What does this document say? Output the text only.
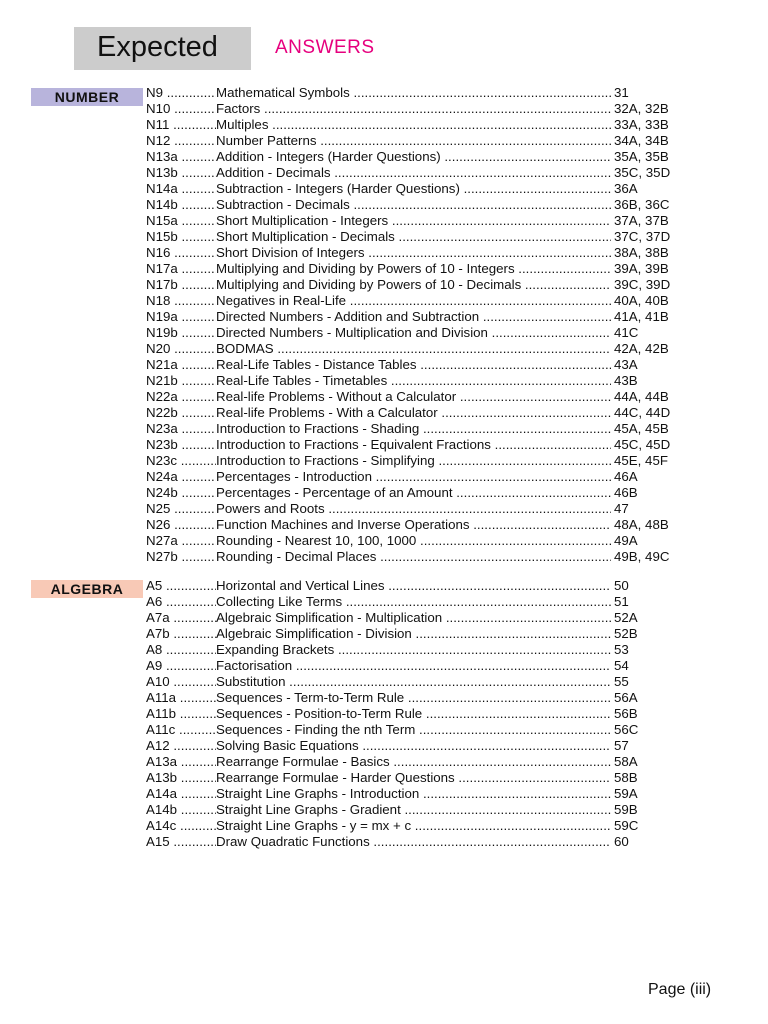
Expected	ANSWERS
NUMBER	N9 .....	Mathematical Symbols .....	31
N10 .....	Factors .....	32A, 32B
N11 .....	Multiples .....	33A, 33B
N12 .....	Number Patterns .....	34A, 34B
N13a .....	Addition - Integers (Harder Questions) .....	35A, 35B
N13b .....	Addition - Decimals .....	35C, 35D
N14a .....	Subtraction - Integers (Harder Questions) .....	36A
N14b .....	Subtraction - Decimals .....	36B, 36C
N15a .....	Short Multiplication - Integers .....	37A, 37B
N15b .....	Short Multiplication - Decimals .....	37C, 37D
N16 .....	Short Division of Integers .....	38A, 38B
N17a .....	Multiplying and Dividing by Powers of 10 - Integers .....	39A, 39B
N17b .....	Multiplying and Dividing by Powers of 10 - Decimals .....	39C, 39D
N18 .....	Negatives in Real-Life .....	40A, 40B
N19a .....	Directed Numbers - Addition and Subtraction .....	41A, 41B
N19b .....	Directed Numbers - Multiplication and Division .....	41C
N20 .....	BODMAS .....	42A, 42B
N21a .....	Real-Life Tables - Distance Tables .....	43A
N21b .....	Real-Life Tables - Timetables .....	43B
N22a .....	Real-life Problems - Without a Calculator .....	44A, 44B
N22b .....	Real-life Problems - With a Calculator .....	44C, 44D
N23a .....	Introduction to Fractions - Shading .....	45A, 45B
N23b .....	Introduction to Fractions - Equivalent Fractions .....	45C, 45D
N23c .....	Introduction to Fractions - Simplifying .....	45E, 45F
N24a .....	Percentages - Introduction .....	46A
N24b .....	Percentages - Percentage of an Amount .....	46B
N25 .....	Powers and Roots .....	47
N26 .....	Function Machines and Inverse Operations .....	48A, 48B
N27a .....	Rounding - Nearest 10, 100, 1000 .....	49A
N27b .....	Rounding - Decimal Places .....	49B, 49C
ALGEBRA	A5 .....	Horizontal and Vertical Lines .....	50
A6 .....	Collecting Like Terms .....	51
A7a .....	Algebraic Simplification - Multiplication .....	52A
A7b .....	Algebraic Simplification - Division .....	52B
A8 .....	Expanding Brackets .....	53
A9 .....	Factorisation .....	54
A10 .....	Substitution .....	55
A11a .....	Sequences - Term-to-Term Rule .....	56A
A11b .....	Sequences - Position-to-Term Rule .....	56B
A11c .....	Sequences - Finding the nth Term .....	56C
A12 .....	Solving Basic Equations .....	57
A13a .....	Rearrange Formulae - Basics .....	58A
A13b .....	Rearrange Formulae - Harder Questions .....	58B
A14a .....	Straight Line Graphs - Introduction .....	59A
A14b .....	Straight Line Graphs - Gradient .....	59B
A14c .....	Straight Line Graphs - y = mx + c .....	59C
A15 .....	Draw Quadratic Functions .....	60
Page (iii)
